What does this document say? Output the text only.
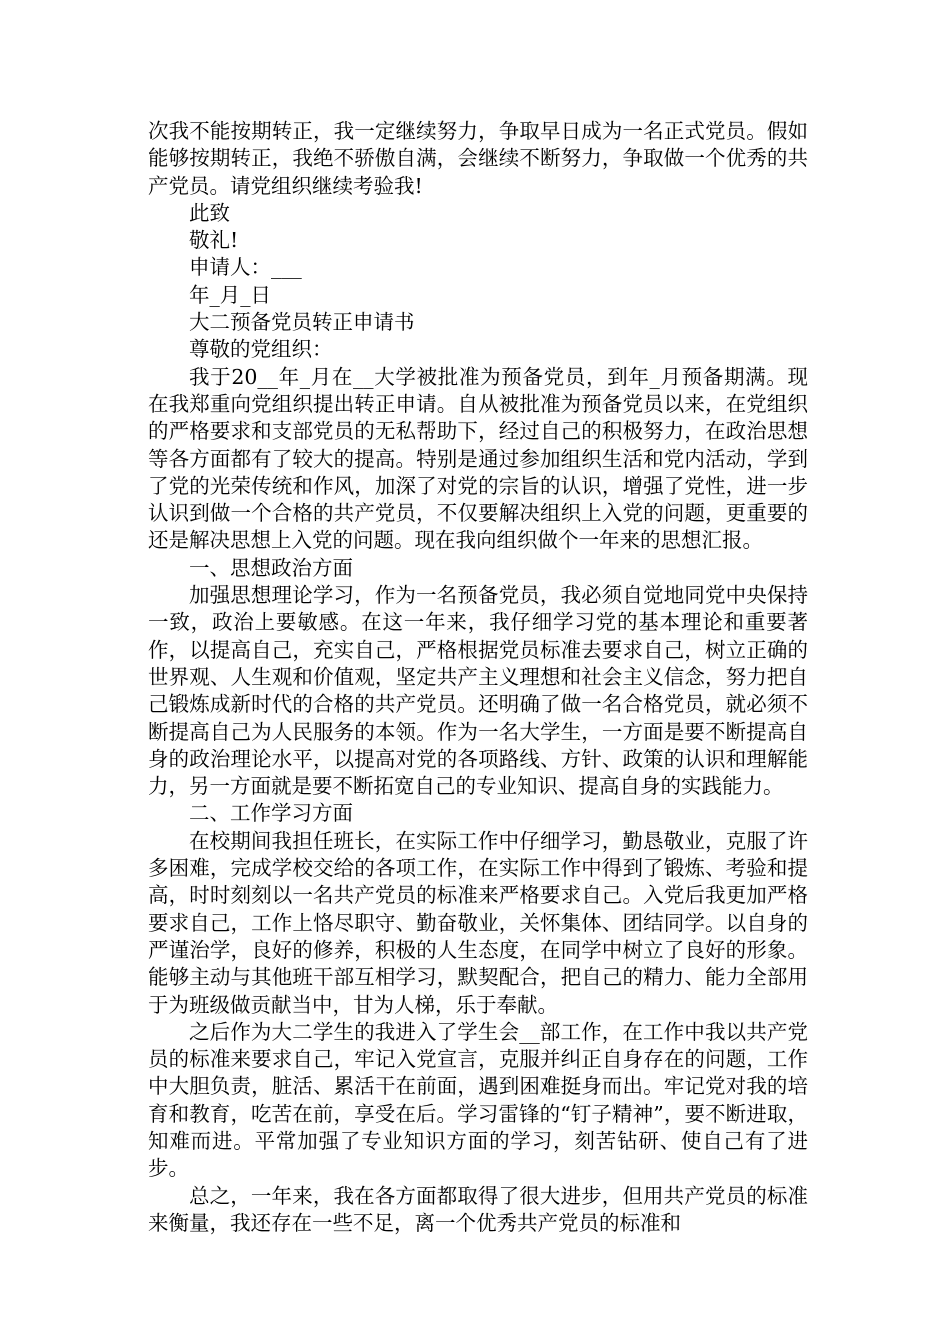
次我不能按期转正，我一定继续努力，争取早日成为一名正式党员。假如能够按期转正，我绝不骄傲自满，会继续不断努力，争取做一个优秀的共产党员。请党组织继续考验我!

此致

敬礼!

申请人：___

年_月_日

大二预备党员转正申请书

尊敬的党组织：

我于20__年_月在__大学被批准为预备党员，到年_月预备期满。现在我郑重向党组织提出转正申请。自从被批准为预备党员以来，在党组织的严格要求和支部党员的无私帮助下，经过自己的积极努力，在政治思想等各方面都有了较大的提高。特别是通过参加组织生活和党内活动，学到了党的光荣传统和作风，加深了对党的宗旨的认识，增强了党性，进一步认识到做一个合格的共产党员，不仅要解决组织上入党的问题，更重要的还是解决思想上入党的问题。现在我向组织做个一年来的思想汇报。

一、思想政治方面

加强思想理论学习，作为一名预备党员，我必须自觉地同党中央保持一致，政治上要敏感。在这一年来，我仔细学习党的基本理论和重要著作，以提高自己，充实自己，严格根据党员标准去要求自己，树立正确的世界观、人生观和价值观，坚定共产主义理想和社会主义信念，努力把自己锻炼成新时代的合格的共产党员。还明确了做一名合格党员，就必须不断提高自己为人民服务的本领。作为一名大学生，一方面是要不断提高自身的政治理论水平，以提高对党的各项路线、方针、政策的认识和理解能力，另一方面就是要不断拓宽自己的专业知识、提高自身的实践能力。

二、工作学习方面

在校期间我担任班长，在实际工作中仔细学习，勤恳敬业，克服了许多困难，完成学校交给的各项工作，在实际工作中得到了锻炼、考验和提高，时时刻刻以一名共产党员的标准来严格要求自己。入党后我更加严格要求自己，工作上恪尽职守、勤奋敬业，关怀集体、团结同学。以自身的严谨治学，良好的修养，积极的人生态度，在同学中树立了良好的形象。能够主动与其他班干部互相学习，默契配合，把自己的精力、能力全部用于为班级做贡献当中，甘为人梯，乐于奉献。

之后作为大二学生的我进入了学生会__部工作，在工作中我以共产党员的标准来要求自己，牢记入党宣言，克服并纠正自身存在的问题，工作中大胆负责，脏活、累活干在前面，遇到困难挺身而出。牢记党对我的培育和教育，吃苦在前，享受在后。学习雷锋的“钉子精神”，要不断进取，知难而进。平常加强了专业知识方面的学习，刻苦钻研、使自己有了进步。

总之，一年来，我在各方面都取得了很大进步，但用共产党员的标准来衡量，我还存在一些不足，离一个优秀共产党员的标准和
